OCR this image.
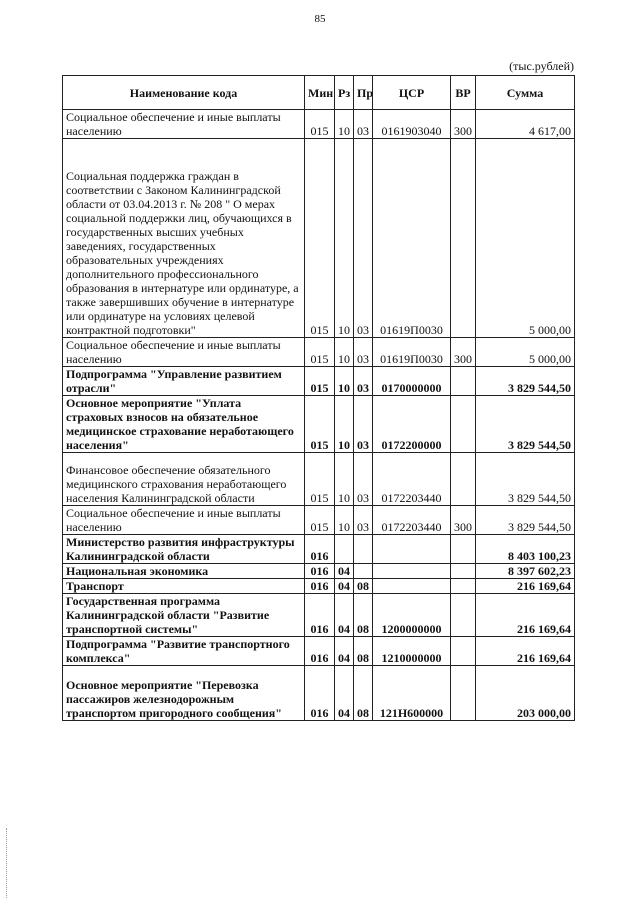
85
(тыс.рублей)
Наименование кода	Мин	Рз	Пр	ЦСР	ВР	Сумма

Социальное обеспечение и иные выплаты населению	015	10	03	0161903040	300	4 617,00

Социальная поддержка граждан в соответствии с Законом Калининградской области от 03.04.2013 г. № 208 " О мерах социальной поддержки лиц, обучающихся в государственных высших учебных заведениях, государственных образовательных учреждениях дополнительного профессионального образования в интернатуре или ординатуре, а также завершивших обучение в интернатуре или ординатуре на условиях целевой контрактной подготовки"	015	10	03	01619П0030		5 000,00

Социальное обеспечение и иные выплаты населению	015	10	03	01619П0030	300	5 000,00

Подпрограмма "Управление развитием отрасли"	015	10	03	0170000000		3 829 544,50

Основное мероприятие "Уплата страховых взносов на обязательное медицинское страхование неработающего населения"	015	10	03	0172200000		3 829 544,50

Финансовое обеспечение обязательного медицинского страхования неработающего населения Калининградской области	015	10	03	0172203440		3 829 544,50

Социальное обеспечение и иные выплаты населению	015	10	03	0172203440	300	3 829 544,50

Министерство развития инфраструктуры Калининградской области	016					8 403 100,23

Национальная экономика	016	04				8 397 602,23

Транспорт	016	04	08			216 169,64

Государственная программа Калининградской области "Развитие транспортной системы"	016	04	08	1200000000		216 169,64

Подпрограмма "Развитие транспортного комплекса"	016	04	08	1210000000		216 169,64

Основное мероприятие "Перевозка пассажиров железнодорожным транспортом пригородного сообщения"	016	04	08	121Н600000		203 000,00
